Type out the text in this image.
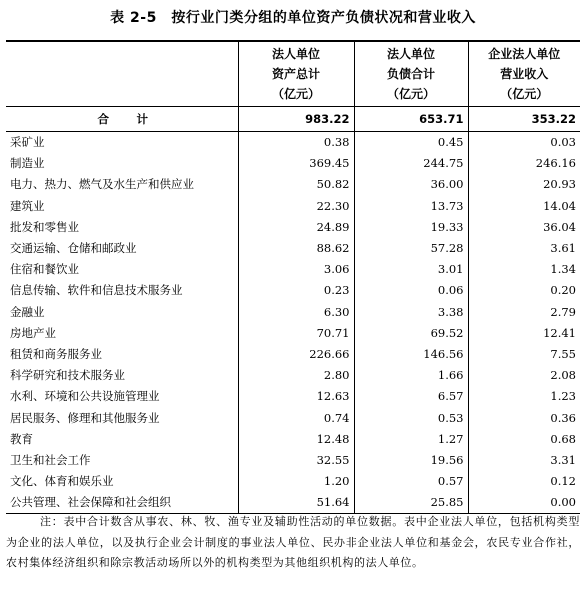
表 2-5　按行业门类分组的单位资产负债状况和营业收入

	法人单位
资产总计
（亿元）	法人单位
负债合计
（亿元）	企业法人单位
营业收入
（亿元）

合　计	983.22	653.71	353.22
采矿业	0.38	0.45	0.03
制造业	369.45	244.75	246.16
电力、热力、燃气及水生产和供应业	50.82	36.00	20.93
建筑业	22.30	13.73	14.04
批发和零售业	24.89	19.33	36.04
交通运输、仓储和邮政业	88.62	57.28	3.61
住宿和餐饮业	3.06	3.01	1.34
信息传输、软件和信息技术服务业	0.23	0.06	0.20
金融业	6.30	3.38	2.79
房地产业	70.71	69.52	12.41
租赁和商务服务业	226.66	146.56	7.55
科学研究和技术服务业	2.80	1.66	2.08
水利、环境和公共设施管理业	12.63	6.57	1.23
居民服务、修理和其他服务业	0.74	0.53	0.36
教育	12.48	1.27	0.68
卫生和社会工作	32.55	19.56	3.31
文化、体育和娱乐业	1.20	0.57	0.12
公共管理、社会保障和社会组织	51.64	25.85	0.00
注：表中合计数含从事农、林、牧、渔专业及辅助性活动的单位数据。表中企业法人单位，包括机构类型为企业的法人单位，以及执行企业会计制度的事业法人单位、民办非企业法人单位和基金会，农民专业合作社，农村集体经济组织和除宗教活动场所以外的机构类型为其他组织机构的法人单位。
